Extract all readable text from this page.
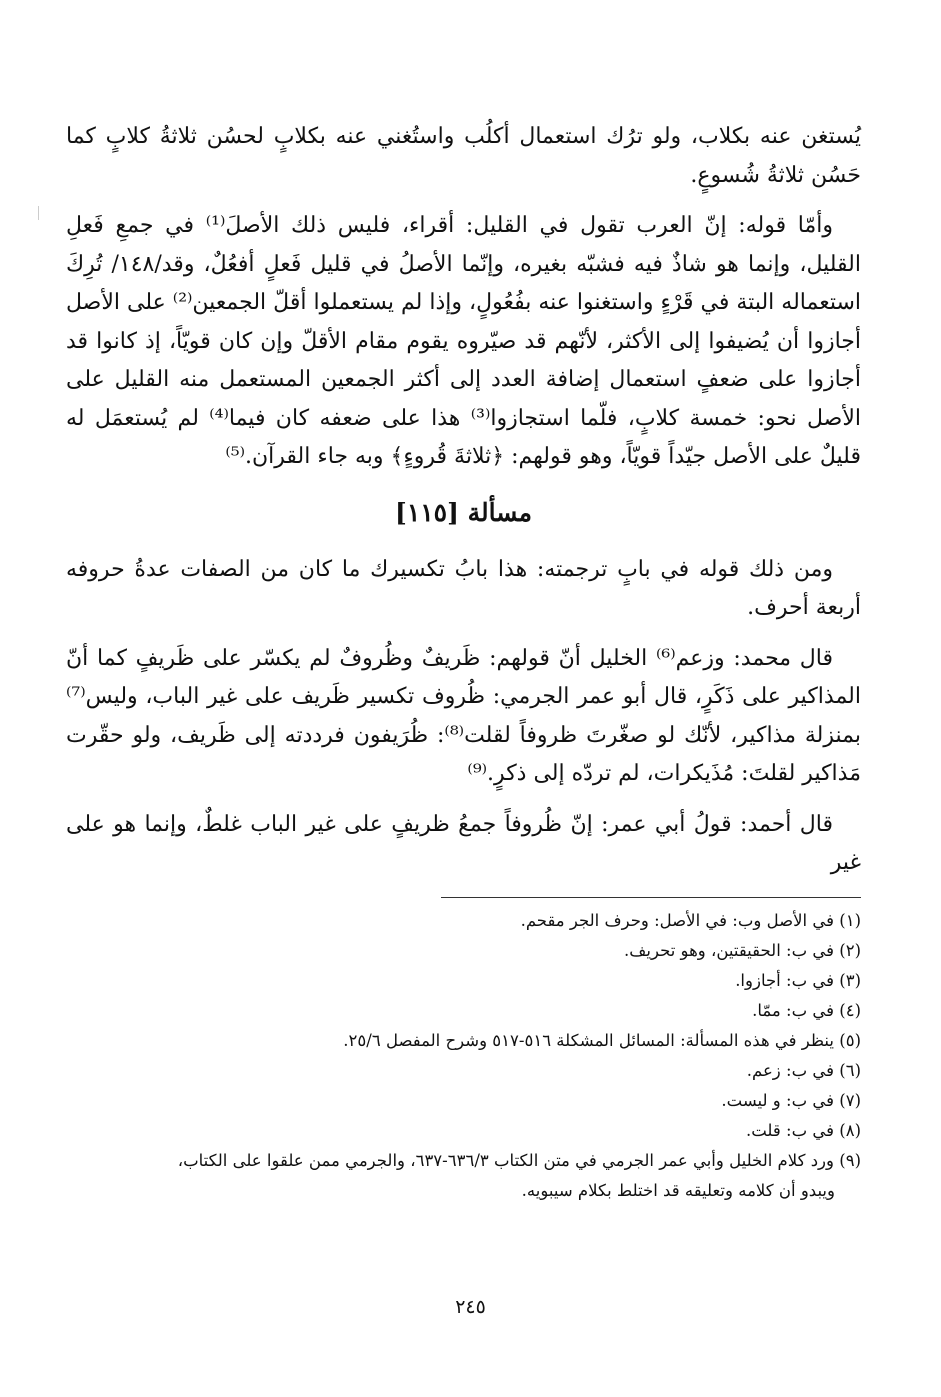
يُستغن عنه بكلاب، ولو ترُك استعمال أكلُب واستُغني عنه بكلابٍ لحسُن ثلاثةُ كلابٍ كما حَسُن ثلاثةُ شُسوعٍ.

وأمّا قوله: إنّ العرب تقول في القليل: أقراء، فليس ذلك الأصلَ⁽¹⁾ في جمعِ فَعلِ القليل، وإنما هو شاذٌ فيه فشبّه بغيره، وإنّما الأصلُ في قليل فَعلٍ أفعُلٌ، وقد/١٤٨/ تُرِكَ استعماله البتة في قَرْءٍ واستغنوا عنه بفُعُولٍ، وإذا لم يستعملوا أقلّ الجمعين⁽²⁾ على الأصل أجازوا أن يُضيفوا إلى الأكثر، لأنّهم قد صيّروه يقوم مقام الأقلّ وإن كان قويّاً، إذ كانوا قد أجازوا على ضعفٍ استعمال إضافة العدد إلى أكثر الجمعين المستعمل منه القليل على الأصل نحو: خمسة كلابٍ، فلّما استجازوا⁽³⁾ هذا على ضعفه كان فيما⁽⁴⁾ لم يُستعمَل له قليلٌ على الأصل جيّداً قويّاً، وهو قولهم: ﴿ثلاثةَ قُروءٍ﴾ وبه جاء القرآن.⁽⁵⁾

مسألة [١١٥]

ومن ذلك قوله في بابٍ ترجمته: هذا بابُ تكسيرك ما كان من الصفات عدةُ حروفه أربعة أحرف.

قال محمد: وزعم⁽⁶⁾ الخليل أنّ قولهم: ظَريفٌ وظُروفٌ لم يكسّر على ظَريفٍ كما أنّ المذاكير على ذَكَرٍ، قال أبو عمر الجرمي: ظُروف تكسير ظَريف على غير الباب، وليس⁽⁷⁾ بمنزلة مذاكير، لأنّك لو صغّرتَ ظروفاً لقلت⁽⁸⁾: ظُرَيفون فرددته إلى ظَريف، ولو حقّرت مَذاكير لقلتَ: مُذَيكرات، لم تردّه إلى ذكرٍ.⁽⁹⁾

قال أحمد: قولُ أبي عمر: إنّ ظُروفاً جمعُ ظريفٍ على غير الباب غلطٌ، وإنما هو على غير

(١) في الأصل وب: في الأصل: وحرف الجر مقحم.

(٢) في ب: الحقيقتين، وهو تحريف.

(٣) في ب: أجازوا.

(٤) في ب: ممّا.

(٥) ينظر في هذه المسألة: المسائل المشكلة ٥١٦-٥١٧ وشرح المفصل ٢٥/٦.

(٦) في ب: زعم.

(٧) في ب: و ليست.

(٨) في ب: قلت.

(٩) ورد كلام الخليل وأبي عمر الجرمي في متن الكتاب ٦٣٦/٣-٦٣٧، والجرمي ممن علقوا على الكتاب،
ويبدو أن كلامه وتعليقه قد اختلط بكلام سيبويه.

٢٤٥
